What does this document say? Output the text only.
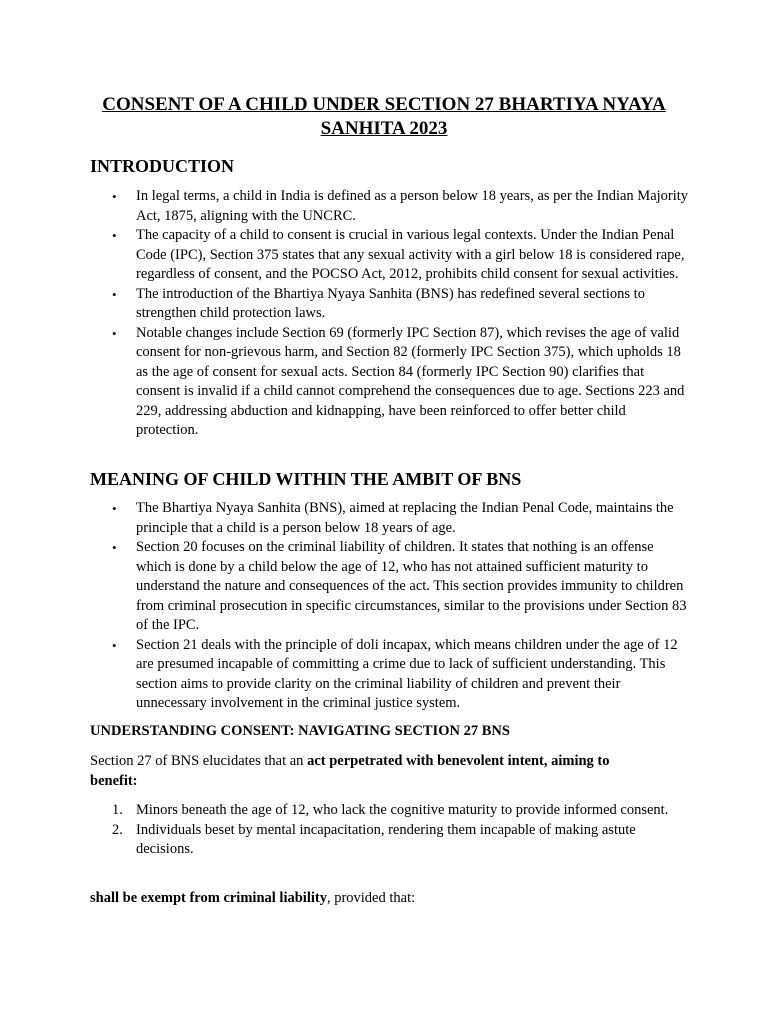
CONSENT OF A CHILD UNDER SECTION 27 BHARTIYA NYAYA SANHITA 2023
INTRODUCTION
• In legal terms, a child in India is defined as a person below 18 years, as per the Indian Majority Act, 1875, aligning with the UNCRC.
• The capacity of a child to consent is crucial in various legal contexts. Under the Indian Penal Code (IPC), Section 375 states that any sexual activity with a girl below 18 is considered rape, regardless of consent, and the POCSO Act, 2012, prohibits child consent for sexual activities.
• The introduction of the Bhartiya Nyaya Sanhita (BNS) has redefined several sections to strengthen child protection laws.
• Notable changes include Section 69 (formerly IPC Section 87), which revises the age of valid consent for non-grievous harm, and Section 82 (formerly IPC Section 375), which upholds 18 as the age of consent for sexual acts. Section 84 (formerly IPC Section 90) clarifies that consent is invalid if a child cannot comprehend the consequences due to age. Sections 223 and 229, addressing abduction and kidnapping, have been reinforced to offer better child protection.
MEANING OF CHILD WITHIN THE AMBIT OF BNS
• The Bhartiya Nyaya Sanhita (BNS), aimed at replacing the Indian Penal Code, maintains the principle that a child is a person below 18 years of age.
• Section 20 focuses on the criminal liability of children. It states that nothing is an offense which is done by a child below the age of 12, who has not attained sufficient maturity to understand the nature and consequences of the act. This section provides immunity to children from criminal prosecution in specific circumstances, similar to the provisions under Section 83 of the IPC.
• Section 21 deals with the principle of doli incapax, which means children under the age of 12 are presumed incapable of committing a crime due to lack of sufficient understanding. This section aims to provide clarity on the criminal liability of children and prevent their unnecessary involvement in the criminal justice system.
UNDERSTANDING CONSENT: NAVIGATING SECTION 27 BNS

Section 27 of BNS elucidates that an act perpetrated with benevolent intent, aiming to benefit:

1. Minors beneath the age of 12, who lack the cognitive maturity to provide informed consent.
2. Individuals beset by mental incapacitation, rendering them incapable of making astute decisions.

shall be exempt from criminal liability, provided that:
